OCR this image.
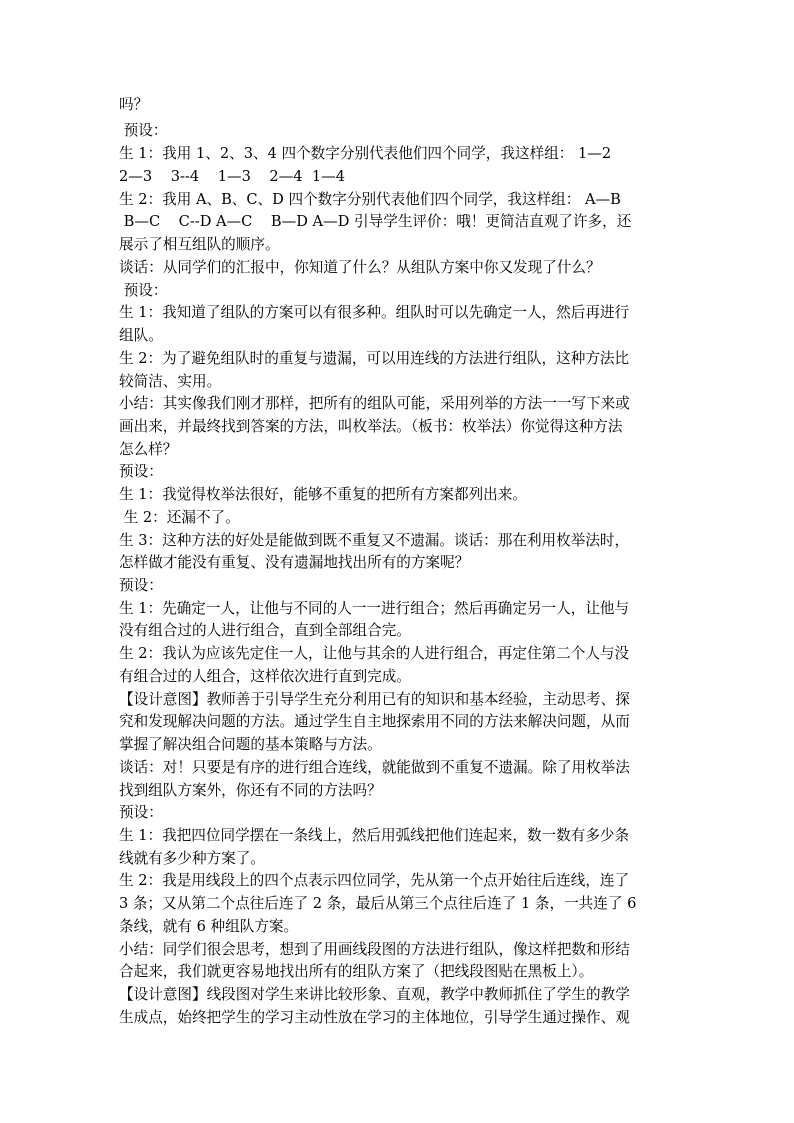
吗？
预设：
生 1：我用 1、2、3、4 四个数字分别代表他们四个同学，我这样组： 1—2
2—3    3--4    1—3    2—4  1—4
生 2：我用 A、B、C、D 四个数字分别代表他们四个同学，我这样组： A—B
B—C    C--D A—C    B—D A—D 引导学生评价：哦！更简洁直观了许多，还
展示了相互组队的顺序。
谈话：从同学们的汇报中，你知道了什么？从组队方案中你又发现了什么？
预设：
生 1：我知道了组队的方案可以有很多种。组队时可以先确定一人，然后再进行
组队。
生 2：为了避免组队时的重复与遗漏，可以用连线的方法进行组队，这种方法比
较简洁、实用。
小结：其实像我们刚才那样，把所有的组队可能，采用列举的方法一一写下来或
画出来，并最终找到答案的方法，叫枚举法。（板书：枚举法）你觉得这种方法
怎么样？
预设：
生 1：我觉得枚举法很好，能够不重复的把所有方案都列出来。
生 2：还漏不了。
生 3：这种方法的好处是能做到既不重复又不遗漏。谈话：那在利用枚举法时，
怎样做才能没有重复、没有遗漏地找出所有的方案呢？
预设：
生 1：先确定一人，让他与不同的人一一进行组合；然后再确定另一人，让他与
没有组合过的人进行组合，直到全部组合完。
生 2：我认为应该先定住一人，让他与其余的人进行组合，再定住第二个人与没
有组合过的人组合，这样依次进行直到完成。
【设计意图】教师善于引导学生充分利用已有的知识和基本经验，主动思考、探
究和发现解决问题的方法。通过学生自主地探索用不同的方法来解决问题，从而
掌握了解决组合问题的基本策略与方法。
谈话：对！只要是有序的进行组合连线，就能做到不重复不遗漏。除了用枚举法
找到组队方案外，你还有不同的方法吗？
预设：
生 1：我把四位同学摆在一条线上，然后用弧线把他们连起来，数一数有多少条
线就有多少种方案了。
生 2：我是用线段上的四个点表示四位同学，先从第一个点开始往后连线，连了
3 条；又从第二个点往后连了 2 条，最后从第三个点往后连了 1 条，一共连了 6
条线，就有 6 种组队方案。
小结：同学们很会思考，想到了用画线段图的方法进行组队，像这样把数和形结
合起来，我们就更容易地找出所有的组队方案了（把线段图贴在黑板上）。
【设计意图】线段图对学生来讲比较形象、直观，教学中教师抓住了学生的教学
生成点，始终把学生的学习主动性放在学习的主体地位，引导学生通过操作、观
